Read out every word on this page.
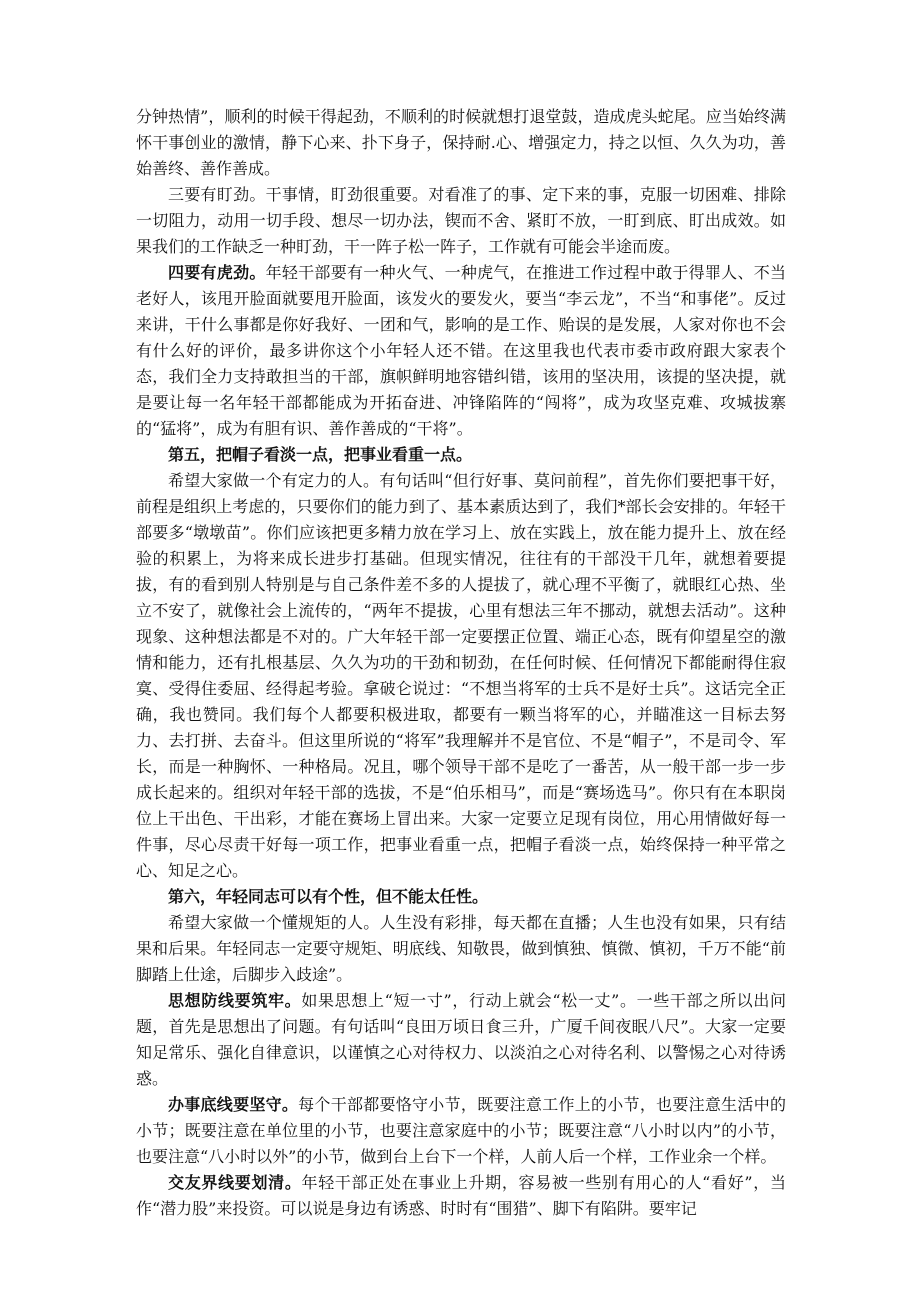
分钟热情”，顺利的时候干得起劲，不顺利的时候就想打退堂鼓，造成虎头蛇尾。应当始终满怀干事创业的激情，静下心来、扑下身子，保持耐.心、增强定力，持之以恒、久久为功，善始善终、善作善成。

三要有盯劲。干事情，盯劲很重要。对看准了的事、定下来的事，克服一切困难、排除一切阻力，动用一切手段、想尽一切办法，锲而不舍、紧盯不放，一盯到底、盯出成效。如果我们的工作缺乏一种盯劲，干一阵子松一阵子，工作就有可能会半途而废。

四要有虎劲。年轻干部要有一种火气、一种虎气，在推进工作过程中敢于得罪人、不当老好人，该甩开脸面就要甩开脸面，该发火的要发火，要当“李云龙”，不当“和事佬”。反过来讲，干什么事都是你好我好、一团和气，影响的是工作、贻误的是发展，人家对你也不会有什么好的评价，最多讲你这个小年轻人还不错。在这里我也代表市委市政府跟大家表个态，我们全力支持敢担当的干部，旗帜鲜明地容错纠错，该用的坚决用，该提的坚决提，就是要让每一名年轻干部都能成为开拓奋进、冲锋陷阵的“闯将”，成为攻坚克难、攻城拔寨的“猛将”，成为有胆有识、善作善成的“干将”。

第五，把帽子看淡一点，把事业看重一点。

希望大家做一个有定力的人。有句话叫“但行好事、莫问前程”，首先你们要把事干好，前程是组织上考虑的，只要你们的能力到了、基本素质达到了，我们*部长会安排的。年轻干部要多“墩墩苗”。你们应该把更多精力放在学习上、放在实践上，放在能力提升上、放在经验的积累上，为将来成长进步打基础。但现实情况，往往有的干部没干几年，就想着要提拔，有的看到别人特别是与自己条件差不多的人提拔了，就心理不平衡了，就眼红心热、坐立不安了，就像社会上流传的，“两年不提拔，心里有想法三年不挪动，就想去活动”。这种现象、这种想法都是不对的。广大年轻干部一定要摆正位置、端正心态，既有仰望星空的激情和能力，还有扎根基层、久久为功的干劲和韧劲，在任何时候、任何情况下都能耐得住寂寞、受得住委屈、经得起考验。拿破仑说过：“不想当将军的士兵不是好士兵”。这话完全正确，我也赞同。我们每个人都要积极进取，都要有一颗当将军的心，并瞄准这一目标去努力、去打拼、去奋斗。但这里所说的“将军”我理解并不是官位、不是“帽子”，不是司令、军长，而是一种胸怀、一种格局。况且，哪个领导干部不是吃了一番苦，从一般干部一步一步成长起来的。组织对年轻干部的选拔，不是“伯乐相马”，而是“赛场选马”。你只有在本职岗位上干出色、干出彩，才能在赛场上冒出来。大家一定要立足现有岗位，用心用情做好每一件事，尽心尽责干好每一项工作，把事业看重一点，把帽子看淡一点，始终保持一种平常之心、知足之心。

第六，年轻同志可以有个性，但不能太任性。

希望大家做一个懂规矩的人。人生没有彩排，每天都在直播；人生也没有如果，只有结果和后果。年轻同志一定要守规矩、明底线、知敬畏，做到慎独、慎微、慎初，千万不能“前脚踏上仕途，后脚步入歧途”。

思想防线要筑牢。如果思想上“短一寸”，行动上就会“松一丈”。一些干部之所以出问题，首先是思想出了问题。有句话叫“良田万顷日食三升，广厦千间夜眠八尺”。大家一定要知足常乐、强化自律意识，以谨慎之心对待权力、以淡泊之心对待名利、以警惕之心对待诱惑。

办事底线要坚守。每个干部都要恪守小节，既要注意工作上的小节，也要注意生活中的小节；既要注意在单位里的小节，也要注意家庭中的小节；既要注意“八小时以内”的小节，也要注意“八小时以外”的小节，做到台上台下一个样，人前人后一个样，工作业余一个样。

交友界线要划清。年轻干部正处在事业上升期，容易被一些别有用心的人“看好”，当作“潜力股”来投资。可以说是身边有诱惑、时时有“围猎”、脚下有陷阱。要牢记
